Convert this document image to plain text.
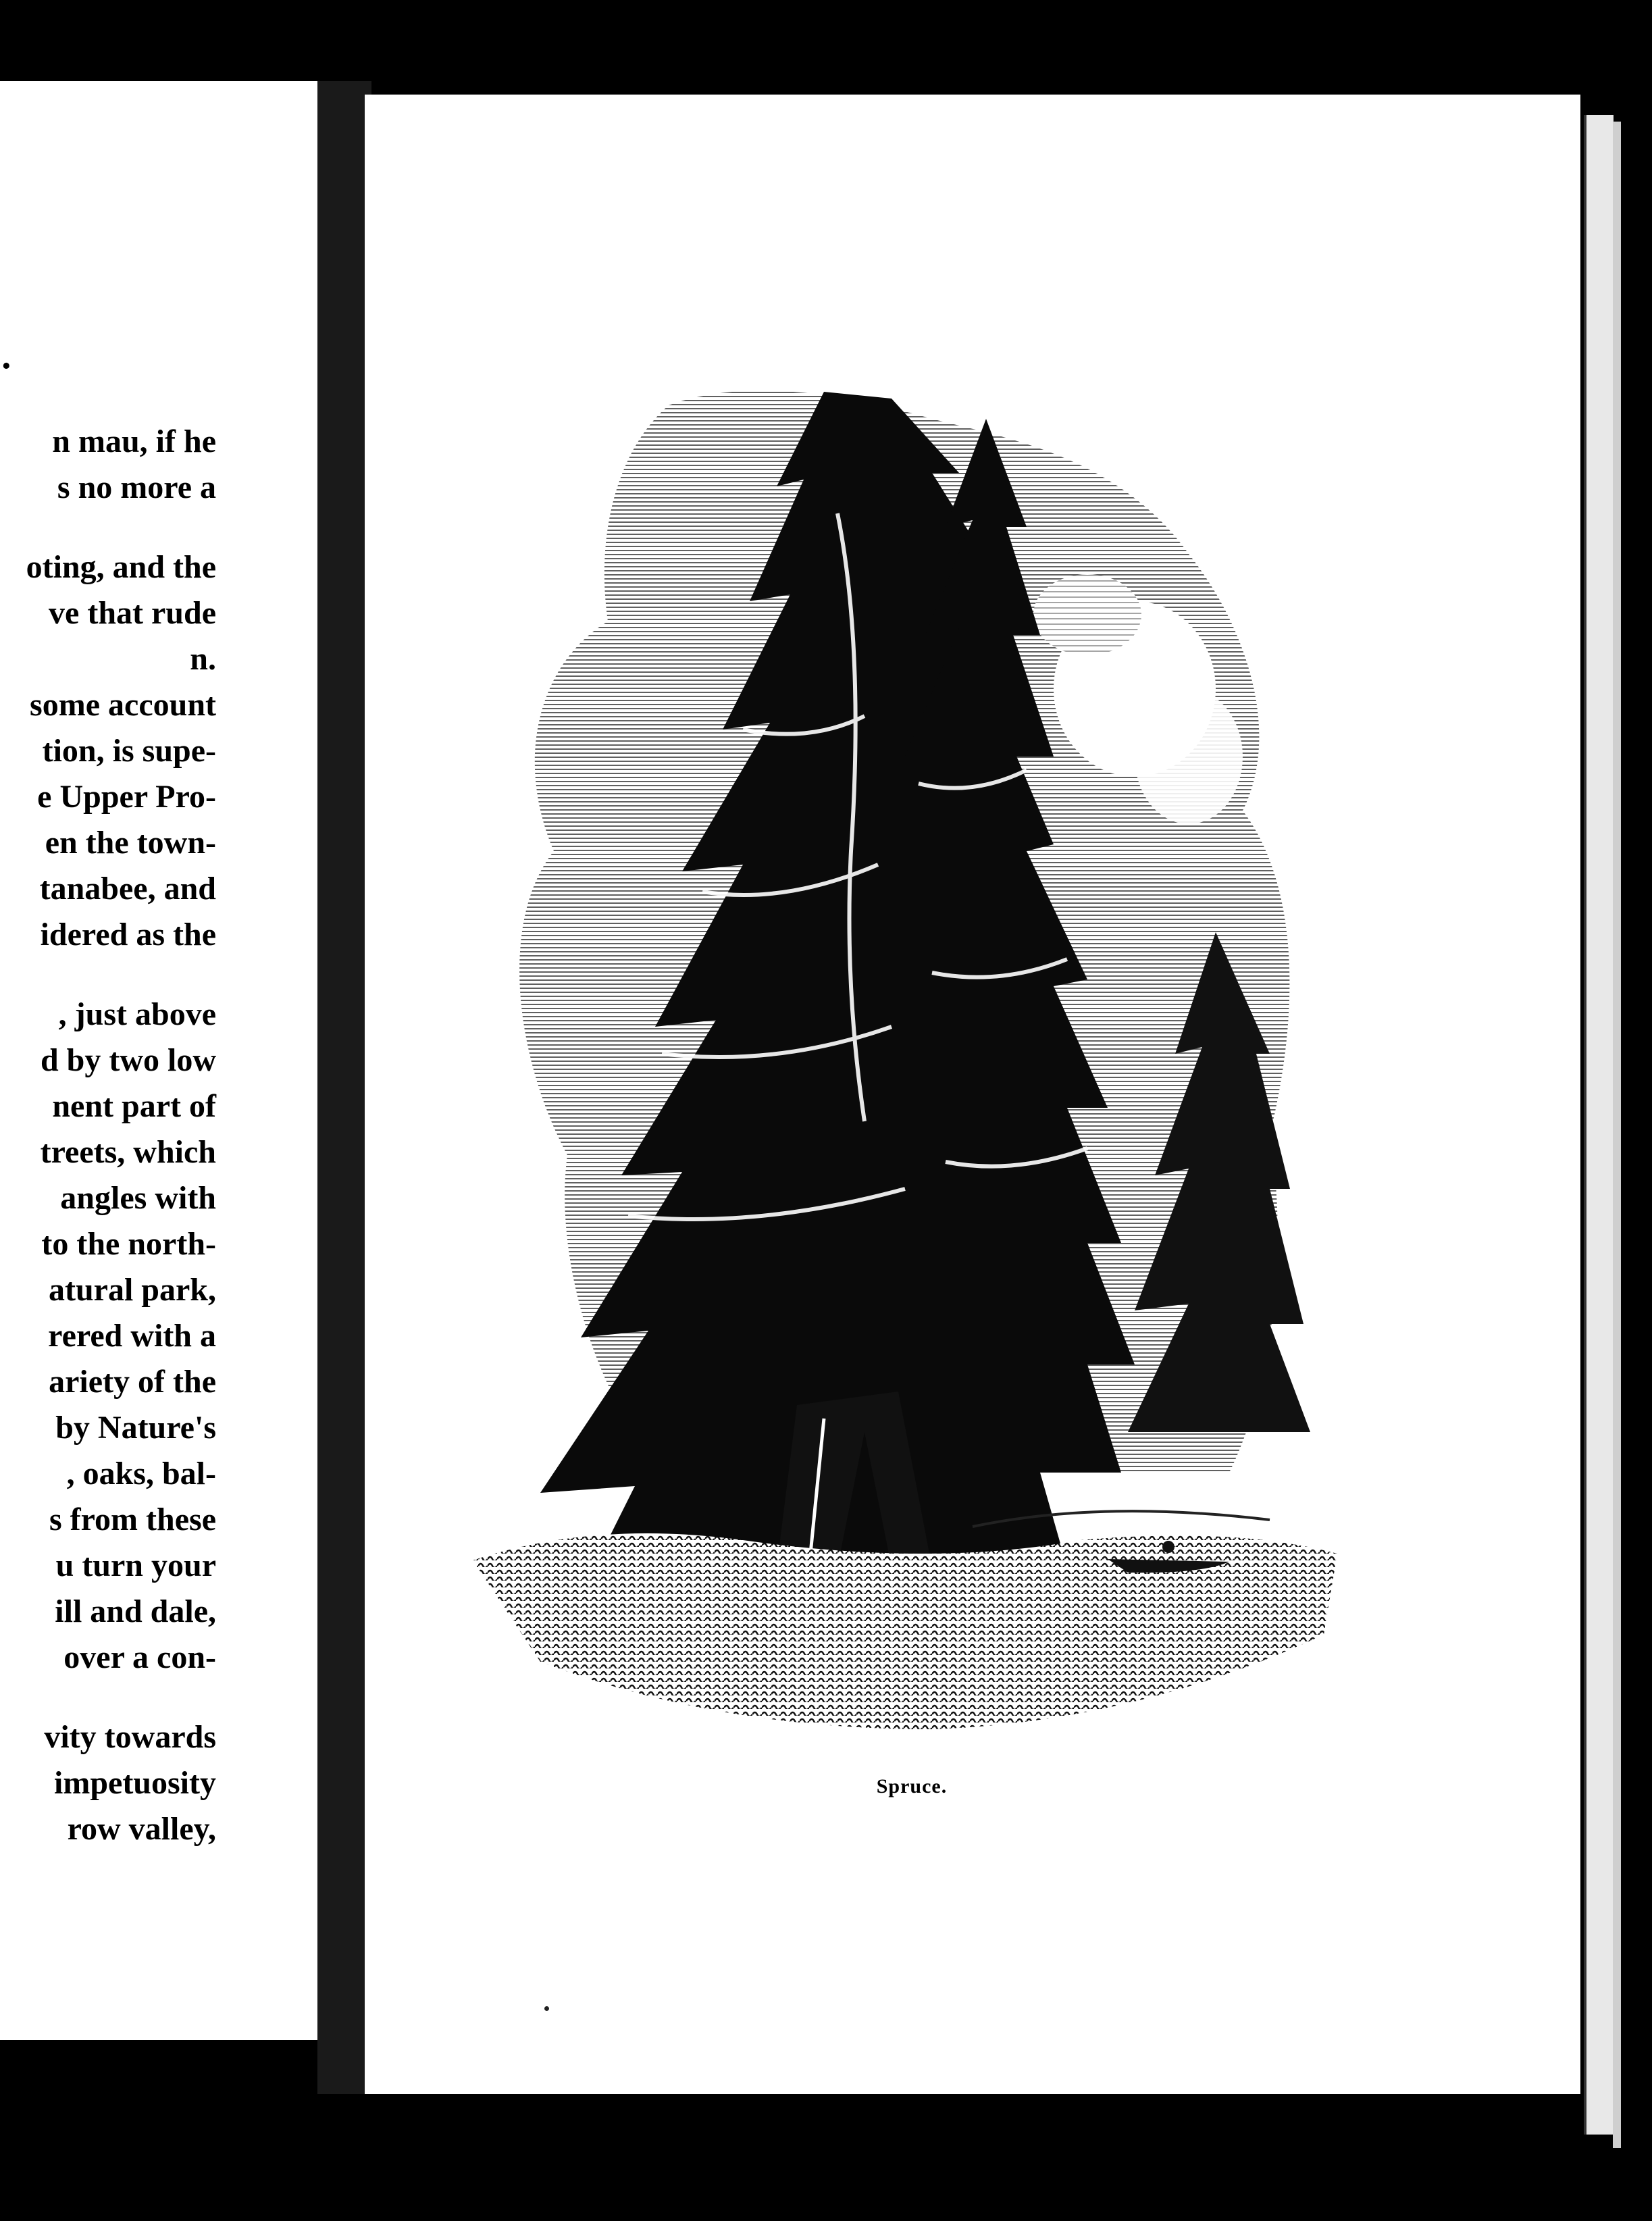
·
n mau, if he
s no more a
oting, and the
ve that rude
n.
some account
tion, is supe-
e Upper Pro-
en the town-
tanabee, and
idered as the
, just above
d by two low
nent part of
treets, which
angles with
to the north-
atural park,
rered with a
ariety of the
by Nature's
, oaks, bal-
s from these
u turn your
ill and dale,
over a con-
vity towards
impetuosity
row valley,
Spruce.
